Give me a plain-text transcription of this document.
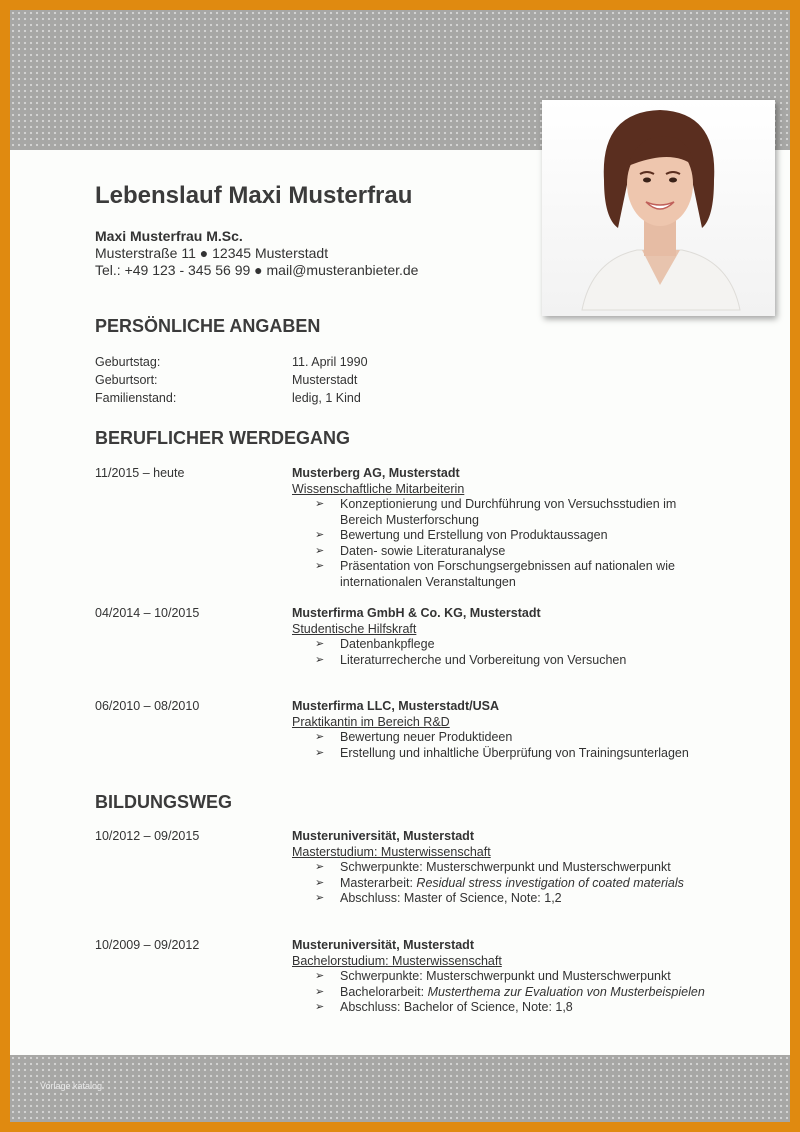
Vorlage katalog
Lebenslauf Maxi Musterfrau
Maxi Musterfrau M.Sc.
Musterstraße 11 ● 12345 Musterstadt
Tel.: +49 123 - 345 56 99 ● mail@musteranbieter.de
PERSÖNLICHE ANGABEN
Geburtstag:	11. April 1990
Geburtsort:	Musterstadt
Familienstand:	ledig, 1 Kind
BERUFLICHER WERDEGANG
11/2015 – heute	Musterberg AG, Musterstadt
Wissenschaftliche Mitarbeiterin
➢ Konzeptionierung und Durchführung von Versuchsstudien im Bereich Musterforschung
➢ Bewertung und Erstellung von Produktaussagen
➢ Daten- sowie Literaturanalyse
➢ Präsentation von Forschungsergebnissen auf nationalen wie internationalen Veranstaltungen
04/2014 – 10/2015	Musterfirma GmbH & Co. KG, Musterstadt
Studentische Hilfskraft
➢ Datenbankpflege
➢ Literaturrecherche und Vorbereitung von Versuchen
06/2010 – 08/2010	Musterfirma LLC, Musterstadt/USA
Praktikantin im Bereich R&D
➢ Bewertung neuer Produktideen
➢ Erstellung und inhaltliche Überprüfung von Trainingsunterlagen
BILDUNGSWEG
10/2012 – 09/2015	Musteruniversität, Musterstadt
Masterstudium: Musterwissenschaft
➢ Schwerpunkte: Musterschwerpunkt und Musterschwerpunkt
➢ Masterarbeit: Residual stress investigation of coated materials
➢ Abschluss: Master of Science, Note: 1,2
10/2009 – 09/2012	Musteruniversität, Musterstadt
Bachelorstudium: Musterwissenschaft
➢ Schwerpunkte: Musterschwerpunkt und Musterschwerpunkt
➢ Bachelorarbeit: Musterthema zur Evaluation von Musterbeispielen
➢ Abschluss: Bachelor of Science, Note: 1,8
